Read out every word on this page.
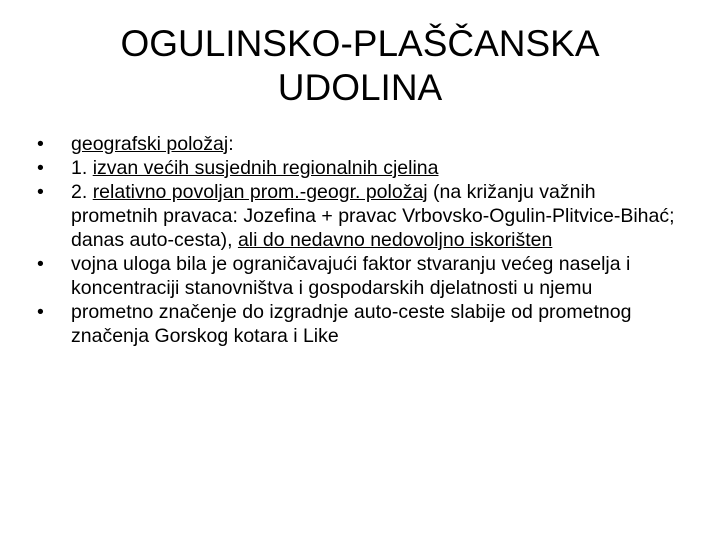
OGULINSKO-PLAŠČANSKA
UDOLINA
•	geografski položaj:
•	1. izvan većih susjednih regionalnih cjelina
•	2. relativno povoljan prom.-geogr. položaj (na križanju važnih prometnih pravaca: Jozefina + pravac Vrbovsko-Ogulin-Plitvice-Bihać; danas auto-cesta), ali do nedavno nedovoljno iskorišten
•	vojna uloga bila je ograničavajući faktor stvaranju većeg naselja i koncentraciji stanovništva i gospodarskih djelatnosti u njemu
•	prometno značenje do izgradnje auto-ceste slabije od prometnog značenja Gorskog kotara i Like
